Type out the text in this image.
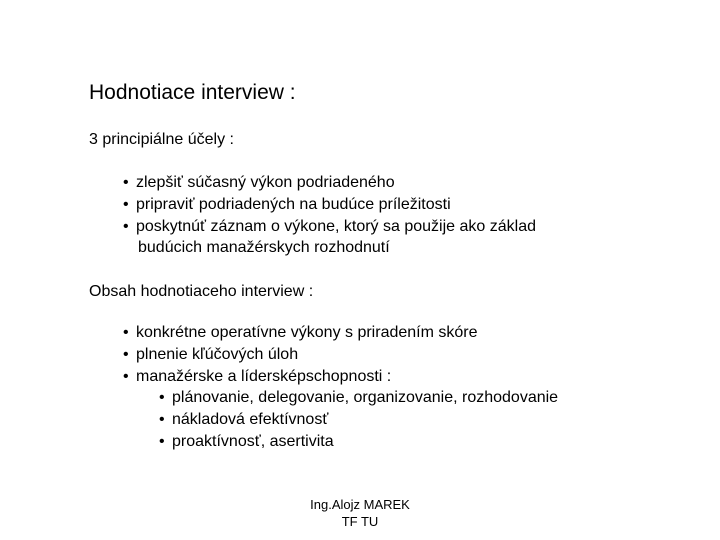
Hodnotiace interview :
3 principiálne účely :
• zlepšiť súčasný výkon podriadeného
• pripraviť podriadených na budúce príležitosti
• poskytnúť záznam o výkone, ktorý sa použije ako základ
budúcich manažérskych rozhodnutí
Obsah hodnotiaceho interview :
• konkrétne operatívne výkony s priradením skóre
• plnenie kľúčových úloh
• manažérske a lídersképschopnosti :
• plánovanie, delegovanie, organizovanie, rozhodovanie
• nákladová efektívnosť
• proaktívnosť, asertivita
Ing.Alojz MAREK
TF TU
